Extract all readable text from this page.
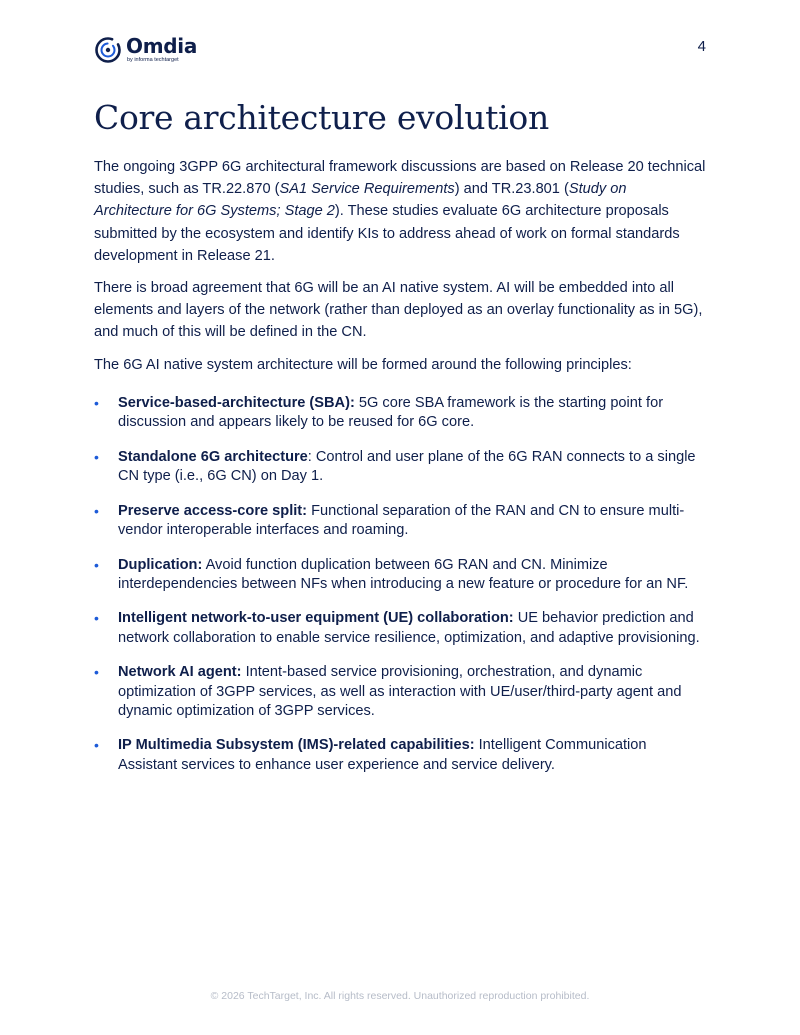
Omdia
by informa techtarget
4
Core architecture evolution

The ongoing 3GPP 6G architectural framework discussions are based on Release 20 technical studies, such as TR.22.870 (SA1 Service Requirements) and TR.23.801 (Study on Architecture for 6G Systems; Stage 2). These studies evaluate 6G architecture proposals submitted by the ecosystem and identify KIs to address ahead of work on formal standards development in Release 21.

There is broad agreement that 6G will be an AI native system. AI will be embedded into all elements and layers of the network (rather than deployed as an overlay functionality as in 5G), and much of this will be defined in the CN.

The 6G AI native system architecture will be formed around the following principles:

• Service-based-architecture (SBA): 5G core SBA framework is the starting point for discussion and appears likely to be reused for 6G core.
• Standalone 6G architecture: Control and user plane of the 6G RAN connects to a single CN type (i.e., 6G CN) on Day 1.
• Preserve access-core split: Functional separation of the RAN and CN to ensure multi-vendor interoperable interfaces and roaming.
• Duplication: Avoid function duplication between 6G RAN and CN. Minimize interdependencies between NFs when introducing a new feature or procedure for an NF.
• Intelligent network-to-user equipment (UE) collaboration: UE behavior prediction and network collaboration to enable service resilience, optimization, and adaptive provisioning.
• Network AI agent: Intent-based service provisioning, orchestration, and dynamic optimization of 3GPP services, as well as interaction with UE/user/third-party agent and dynamic optimization of 3GPP services.
• IP Multimedia Subsystem (IMS)-related capabilities: Intelligent Communication Assistant services to enhance user experience and service delivery.
© 2026 TechTarget, Inc. All rights reserved. Unauthorized reproduction prohibited.
